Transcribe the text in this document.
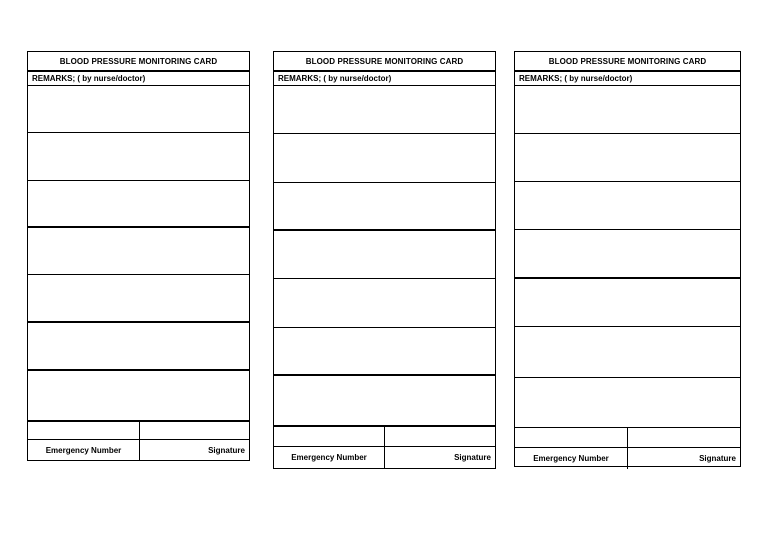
BLOOD PRESSURE MONITORING CARD
REMARKS; ( by nurse/doctor)
Emergency Number	Signature
BLOOD PRESSURE MONITORING CARD
REMARKS; ( by nurse/doctor)
Emergency Number	Signature
BLOOD PRESSURE MONITORING CARD
REMARKS; ( by nurse/doctor)
Emergency Number	Signature
